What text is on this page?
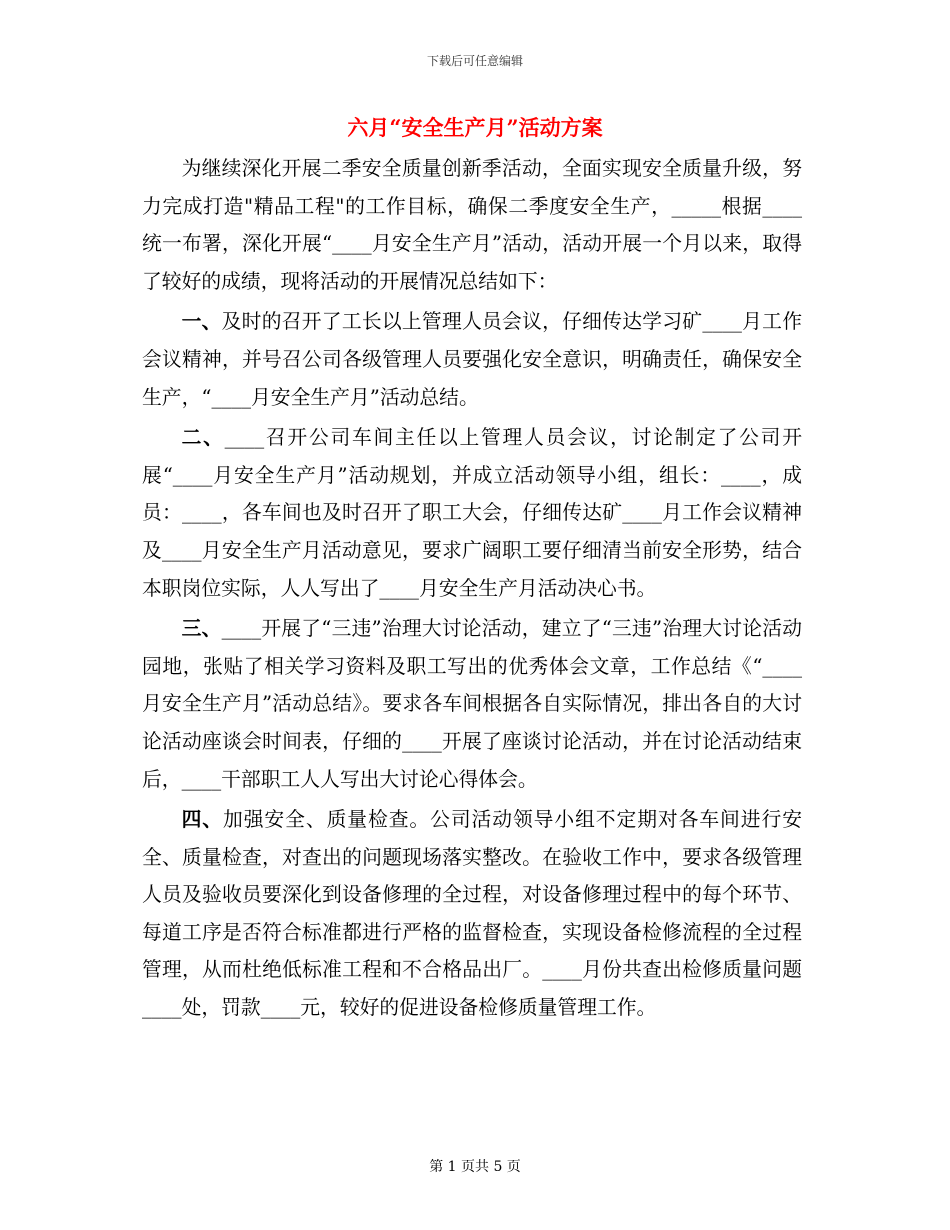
下载后可任意编辑
六月“安全生产月”活动方案

为继续深化开展二季安全质量创新季活动，全面实现安全质量升级，努力完成打造"精品工程"的工作目标，确保二季度安全生产，_____根据____统一布署，深化开展“____月安全生产月”活动，活动开展一个月以来，取得了较好的成绩，现将活动的开展情况总结如下：

一、及时的召开了工长以上管理人员会议，仔细传达学习矿____月工作会议精神，并号召公司各级管理人员要强化安全意识，明确责任，确保安全生产，“____月安全生产月”活动总结。

二、____召开公司车间主任以上管理人员会议，讨论制定了公司开展“____月安全生产月”活动规划，并成立活动领导小组，组长：____，成员：____，各车间也及时召开了职工大会，仔细传达矿____月工作会议精神及____月安全生产月活动意见，要求广阔职工要仔细清当前安全形势，结合本职岗位实际，人人写出了____月安全生产月活动决心书。

三、____开展了“三违”治理大讨论活动，建立了“三违”治理大讨论活动园地，张贴了相关学习资料及职工写出的优秀体会文章，工作总结《“____月安全生产月”活动总结》。要求各车间根据各自实际情况，排出各自的大讨论活动座谈会时间表，仔细的____开展了座谈讨论活动，并在讨论活动结束后，____干部职工人人写出大讨论心得体会。

四、加强安全、质量检查。公司活动领导小组不定期对各车间进行安全、质量检查，对查出的问题现场落实整改。在验收工作中，要求各级管理人员及验收员要深化到设备修理的全过程，对设备修理过程中的每个环节、每道工序是否符合标准都进行严格的监督检查，实现设备检修流程的全过程管理，从而杜绝低标准工程和不合格品出厂。____月份共查出检修质量问题____处，罚款____元，较好的促进设备检修质量管理工作。

第 1 页共 5 页
